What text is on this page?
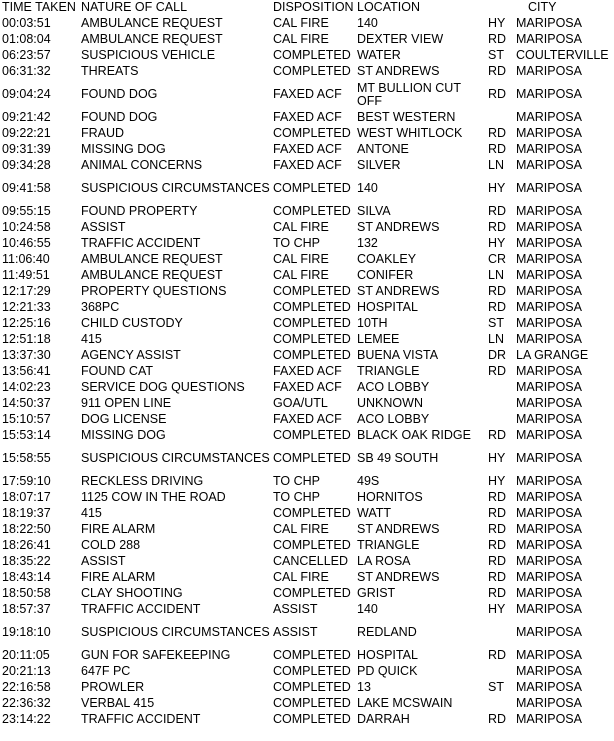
TIME TAKEN	NATURE OF CALL	DISPOSITION	LOCATION		CITY
00:03:51	AMBULANCE REQUEST	CAL FIRE	140	HY	MARIPOSA
01:08:04	AMBULANCE REQUEST	CAL FIRE	DEXTER VIEW	RD	MARIPOSA
06:23:57	SUSPICIOUS VEHICLE	COMPLETED	WATER	ST	COULTERVILLE
06:31:32	THREATS	COMPLETED	ST ANDREWS	RD	MARIPOSA
09:04:24	FOUND DOG	FAXED ACF	MT BULLION CUT OFF	RD	MARIPOSA
09:21:42	FOUND DOG	FAXED ACF	BEST WESTERN		MARIPOSA
09:22:21	FRAUD	COMPLETED	WEST WHITLOCK	RD	MARIPOSA
09:31:39	MISSING DOG	FAXED ACF	ANTONE	RD	MARIPOSA
09:34:28	ANIMAL CONCERNS	FAXED ACF	SILVER	LN	MARIPOSA
09:41:58	SUSPICIOUS CIRCUMSTANCES	COMPLETED	140	HY	MARIPOSA
09:55:15	FOUND PROPERTY	COMPLETED	SILVA	RD	MARIPOSA
10:24:58	ASSIST	CAL FIRE	ST ANDREWS	RD	MARIPOSA
10:46:55	TRAFFIC ACCIDENT	TO CHP	132	HY	MARIPOSA
11:06:40	AMBULANCE REQUEST	CAL FIRE	COAKLEY	CR	MARIPOSA
11:49:51	AMBULANCE REQUEST	CAL FIRE	CONIFER	LN	MARIPOSA
12:17:29	PROPERTY QUESTIONS	COMPLETED	ST ANDREWS	RD	MARIPOSA
12:21:33	368PC	COMPLETED	HOSPITAL	RD	MARIPOSA
12:25:16	CHILD CUSTODY	COMPLETED	10TH	ST	MARIPOSA
12:51:18	415	COMPLETED	LEMEE	LN	MARIPOSA
13:37:30	AGENCY ASSIST	COMPLETED	BUENA VISTA	DR	LA GRANGE
13:56:41	FOUND CAT	FAXED ACF	TRIANGLE	RD	MARIPOSA
14:02:23	SERVICE DOG QUESTIONS	FAXED ACF	ACO LOBBY		MARIPOSA
14:50:37	911 OPEN LINE	GOA/UTL	UNKNOWN		MARIPOSA
15:10:57	DOG LICENSE	FAXED ACF	ACO LOBBY		MARIPOSA
15:53:14	MISSING DOG	COMPLETED	BLACK OAK RIDGE	RD	MARIPOSA
15:58:55	SUSPICIOUS CIRCUMSTANCES	COMPLETED	SB 49 SOUTH	HY	MARIPOSA
17:59:10	RECKLESS DRIVING	TO CHP	49S	HY	MARIPOSA
18:07:17	1125 COW IN THE ROAD	TO CHP	HORNITOS	RD	MARIPOSA
18:19:37	415	COMPLETED	WATT	RD	MARIPOSA
18:22:50	FIRE ALARM	CAL FIRE	ST ANDREWS	RD	MARIPOSA
18:26:41	COLD 288	COMPLETED	TRIANGLE	RD	MARIPOSA
18:35:22	ASSIST	CANCELLED	LA ROSA	RD	MARIPOSA
18:43:14	FIRE ALARM	CAL FIRE	ST ANDREWS	RD	MARIPOSA
18:50:58	CLAY SHOOTING	COMPLETED	GRIST	RD	MARIPOSA
18:57:37	TRAFFIC ACCIDENT	ASSIST	140	HY	MARIPOSA
19:18:10	SUSPICIOUS CIRCUMSTANCES	ASSIST	REDLAND		MARIPOSA
20:11:05	GUN FOR SAFEKEEPING	COMPLETED	HOSPITAL	RD	MARIPOSA
20:21:13	647F PC	COMPLETED	PD QUICK		MARIPOSA
22:16:58	PROWLER	COMPLETED	13	ST	MARIPOSA
22:36:32	VERBAL 415	COMPLETED	LAKE MCSWAIN		MARIPOSA
23:14:22	TRAFFIC ACCIDENT	COMPLETED	DARRAH	RD	MARIPOSA
